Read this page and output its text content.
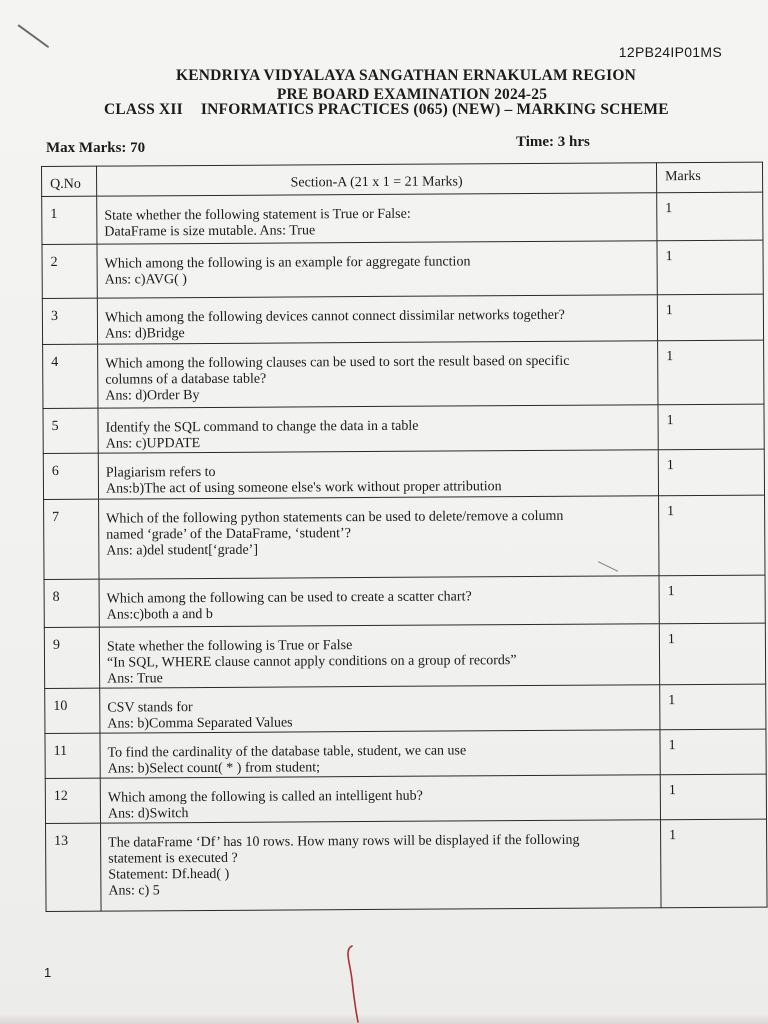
12PB24IP01MS
KENDRIYA VIDYALAYA SANGATHAN ERNAKULAM REGION
PRE BOARD EXAMINATION 2024-25
CLASS XII INFORMATICS PRACTICES (065) (NEW) – MARKING SCHEME
Max Marks: 70	Time: 3 hrs
Q.No	Section-A (21 x 1 = 21 Marks)	Marks
1	State whether the following statement is True or False:
DataFrame is size mutable. Ans: True	1
2	Which among the following is an example for aggregate function
Ans: c)AVG( )	1
3	Which among the following devices cannot connect dissimilar networks together?
Ans: d)Bridge	1
4	Which among the following clauses can be used to sort the result based on specific
columns of a database table?
Ans: d)Order By	1
5	Identify the SQL command to change the data in a table
Ans: c)UPDATE	1
6	Plagiarism refers to
Ans:b)The act of using someone else's work without proper attribution	1
7	Which of the following python statements can be used to delete/remove a column
named ‘grade’ of the DataFrame, ‘student’?
Ans: a)del student[‘grade’]	1
8	Which among the following can be used to create a scatter chart?
Ans:c)both a and b	1
9	State whether the following is True or False
“In SQL, WHERE clause cannot apply conditions on a group of records”
Ans: True	1
10	CSV stands for
Ans: b)Comma Separated Values	1
11	To find the cardinality of the database table, student, we can use
Ans: b)Select count( * ) from student;	1
12	Which among the following is called an intelligent hub?
Ans: d)Switch	1
13	The dataFrame ‘Df’ has 10 rows. How many rows will be displayed if the following
statement is executed ?
Statement: Df.head( )
Ans: c) 5	1
1
